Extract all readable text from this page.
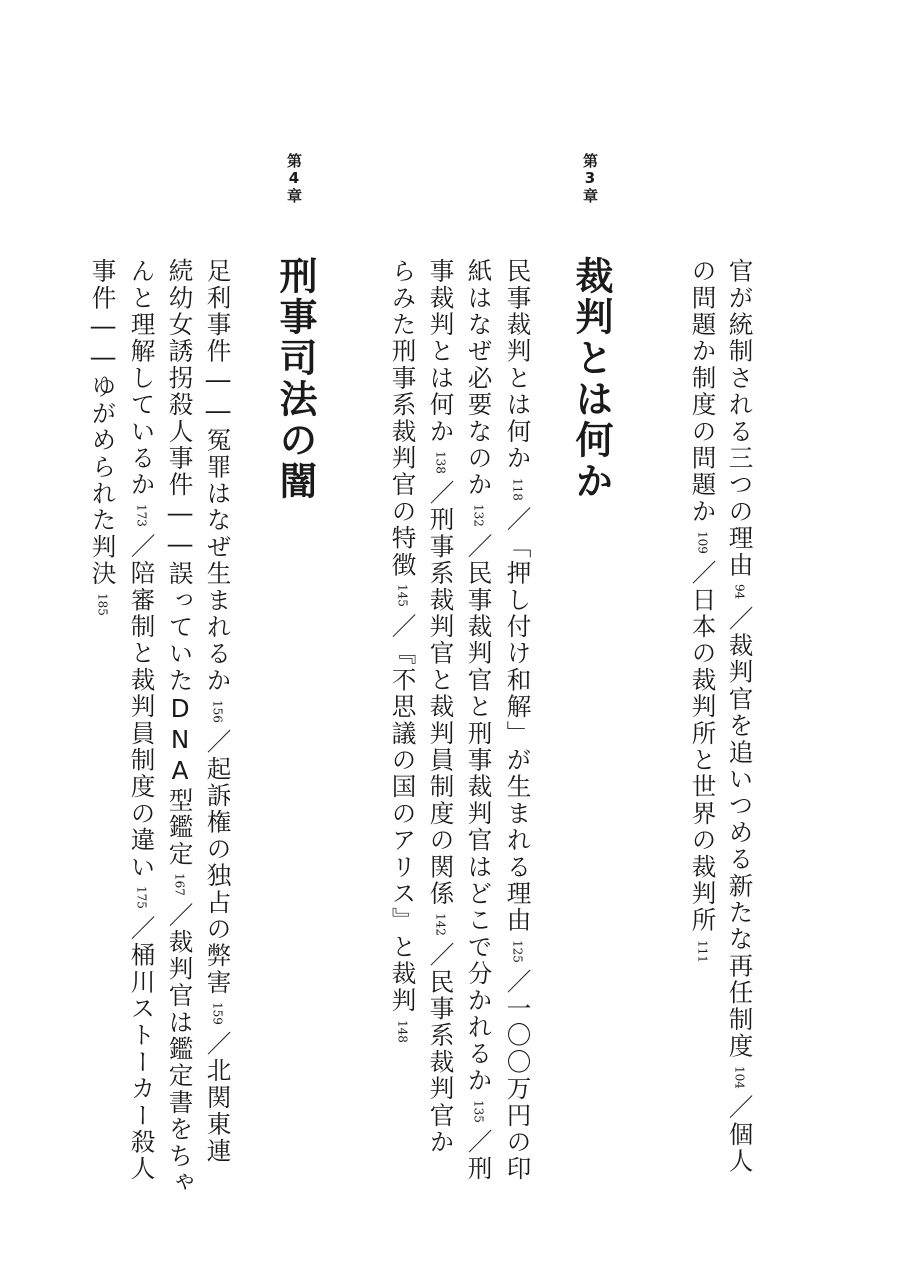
第3章
裁判とは何か
第4章
刑事司法の闇	官が統制される三つの理由94／裁判官を追いつめる新たな再任制度104／個人
の問題か制度の問題か109／日本の裁判所と世界の裁判所111
民事裁判とは何か118／「押し付け和解」が生まれる理由125／一〇〇万円の印
紙はなぜ必要なのか132／民事裁判官と刑事裁判官はどこで分かれるか135／刑
事裁判とは何か138／刑事系裁判官と裁判員制度の関係142／民事系裁判官か
らみた刑事系裁判官の特徴145／『不思議の国のアリス』と裁判148
足利事件――冤罪はなぜ生まれるか156／起訴権の独占の弊害159／北関東連
続幼女誘拐殺人事件――誤っていたDNA型鑑定167／裁判官は鑑定書をちゃ
んと理解しているか173／陪審制と裁判員制度の違い175／桶川ストーカー殺人
事件――ゆがめられた判決185
